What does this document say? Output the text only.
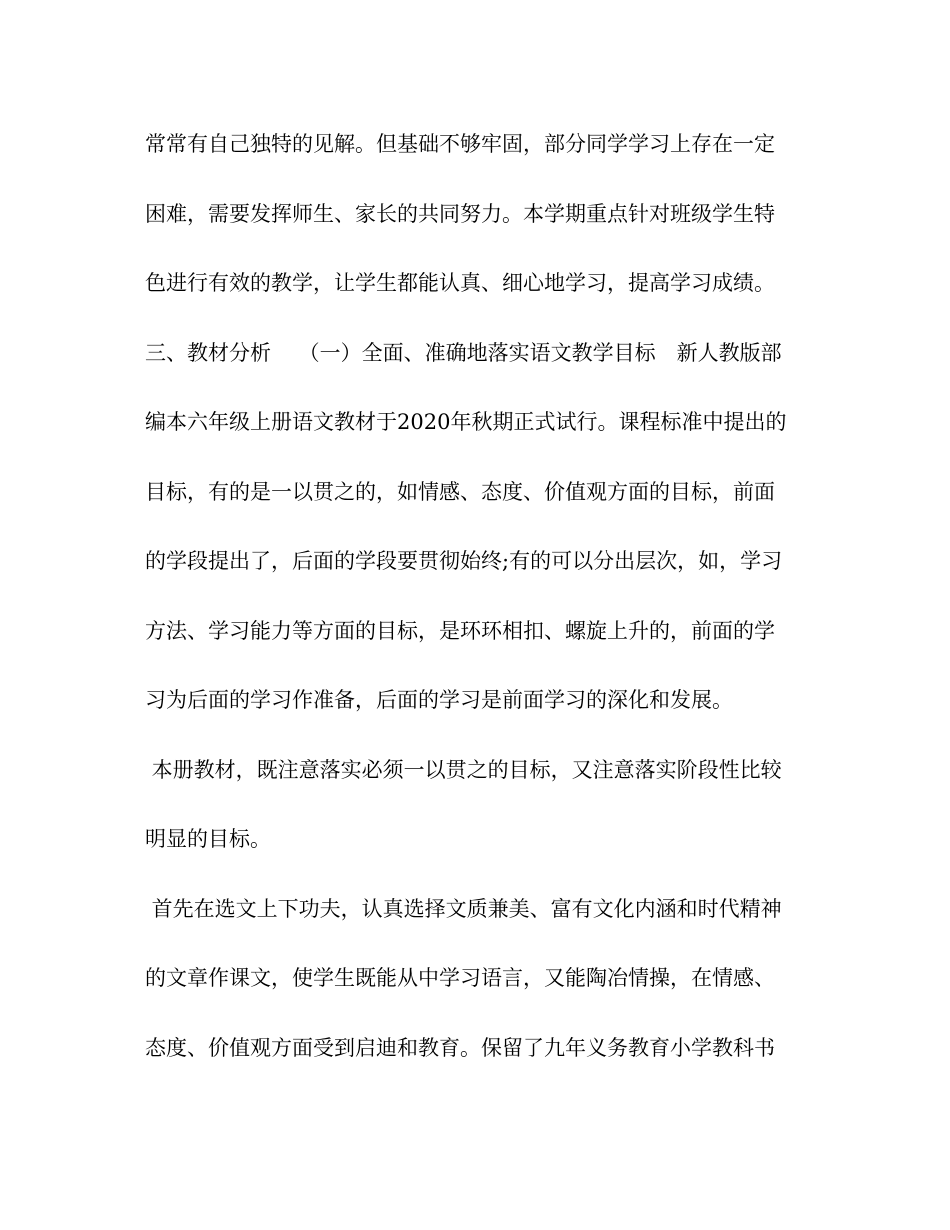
常常有自己独特的见解。但基础不够牢固，部分同学学习上存在一定
困难，需要发挥师生、家长的共同努力。本学期重点针对班级学生特
色进行有效的教学，让学生都能认真、细心地学习，提高学习成绩。
三、教材分析　 （一）全面、准确地落实语文教学目标　新人教版部
编本六年级上册语文教材于2020年秋期正式试行。课程标准中提出的
目标，有的是一以贯之的，如情感、态度、价值观方面的目标，前面
的学段提出了，后面的学段要贯彻始终;有的可以分出层次，如，学习
方法、学习能力等方面的目标，是环环相扣、螺旋上升的，前面的学
习为后面的学习作准备，后面的学习是前面学习的深化和发展。
本册教材，既注意落实必须一以贯之的目标，又注意落实阶段性比较
明显的目标。
首先在选文上下功夫，认真选择文质兼美、富有文化内涵和时代精神
的文章作课文，使学生既能从中学习语言，又能陶冶情操，在情感、
态度、价值观方面受到启迪和教育。保留了九年义务教育小学教科书
